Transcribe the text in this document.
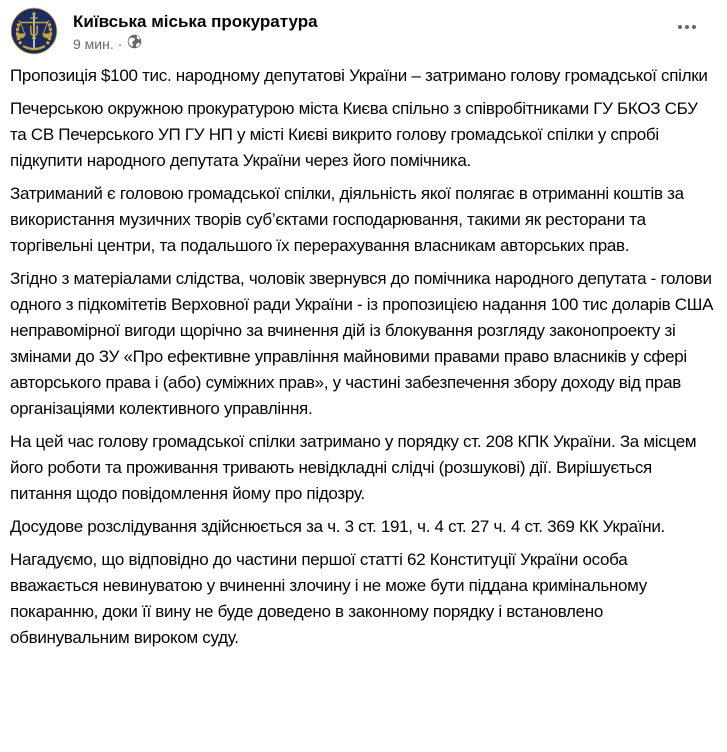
Київська міська прокуратура
9 мин. ·

Пропозиція $100 тис. народному депутатові України – затримано голову громадської спілки

Печерською окружною прокуратурою міста Києва спільно з співробітниками ГУ БКОЗ СБУ та СВ Печерського УП ГУ НП у місті Києві викрито голову громадської спілки у спробі підкупити народного депутата України через його помічника.

Затриманий є головою громадської спілки, діяльність якої полягає в отриманні коштів за використання музичних творів суб’єктами господарювання, такими як ресторани та торгівельні центри, та подальшого їх перерахування власникам авторських прав.

Згідно з матеріалами слідства, чоловік звернувся до помічника народного депутата - голови одного з підкомітетів Верховної ради України - із пропозицією надання 100 тис доларів США неправомірної вигоди щорічно за вчинення дій із блокування розгляду законопроекту зі змінами до ЗУ «Про ефективне управління майновими правами право власників у сфері авторського права і (або) суміжних прав», у частині забезпечення збору доходу від прав організаціями колективного управління.

На цей час голову громадської спілки затримано у порядку ст. 208 КПК України. За місцем його роботи та проживання тривають невідкладні слідчі (розшукові) дії. Вирішується питання щодо повідомлення йому про підозру.

Досудове розслідування здійснюється за ч. 3 ст. 191, ч. 4 ст. 27 ч. 4 ст. 369 КК України.

Нагадуємо, що відповідно до частини першої статті 62 Конституції України особа вважається невинуватою у вчиненні злочину і не може бути піддана кримінальному покаранню, доки її вину не буде доведено в законному порядку і встановлено обвинувальним вироком суду.
